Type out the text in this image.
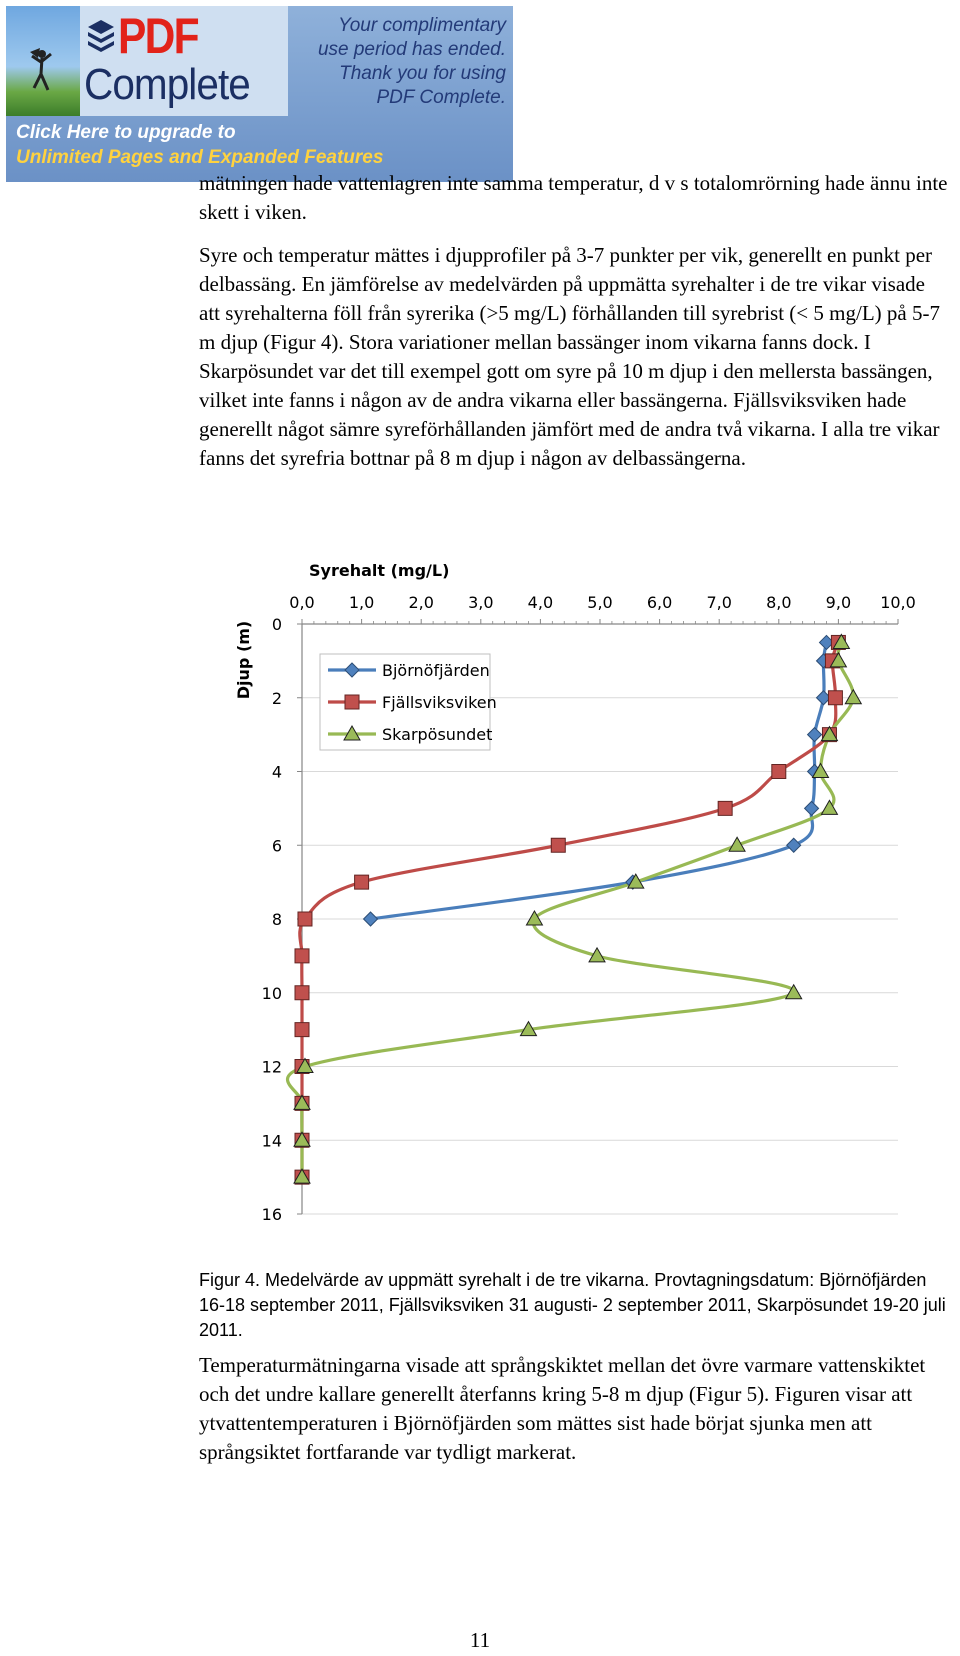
PDF
Complete
Your complimentary
use period has ended.
Thank you for using
PDF Complete.
Click Here to upgrade to
Unlimited Pages and Expanded Features

mätningen hade vattenlagren inte samma temperatur, d v s totalomrörning hade ännu inte skett i viken.

Syre och temperatur mättes i djupprofiler på 3-7 punkter per vik, generellt en punkt per delbassäng. En jämförelse av medelvärden på uppmätta syrehalter i de tre vikar visade att syrehalterna föll från syrerika (>5 mg/L) förhållanden till syrebrist (< 5 mg/L) på 5-7 m djup (Figur 4). Stora variationer mellan bassänger inom vikarna fanns dock. I Skarpösundet var det till exempel gott om syre på 10 m djup i den mellersta bassängen, vilket inte fanns i någon av de andra vikarna eller bassängerna. Fjällsviksviken hade generellt något sämre syreförhållanden jämfört med de andra två vikarna. I alla tre vikar fanns det syrefria bottnar på 8 m djup i någon av delbassängerna.

0,0 1,0 2,0 3,0 4,0 5,0 6,0 7,0 8,0 9,0 10,0
0
2
4
6
8
10
12
14
16
Syrehalt (mg/L)
Djup (m)	Björnöfjärden
Fjällsviksviken
Skarpösundet

Figur 4. Medelvärde av uppmätt syrehalt i de tre vikarna. Provtagningsdatum: Björnöfjärden 16-18 september 2011, Fjällsviksviken 31 augusti- 2 september 2011, Skarpösundet 19-20 juli 2011.

Temperaturmätningarna visade att språngskiktet mellan det övre varmare vattenskiktet och det undre kallare generellt återfanns kring 5-8 m djup (Figur 5). Figuren visar att ytvattentemperaturen i Björnöfjärden som mättes sist hade börjat sjunka men att språngsiktet fortfarande var tydligt markerat.

11
